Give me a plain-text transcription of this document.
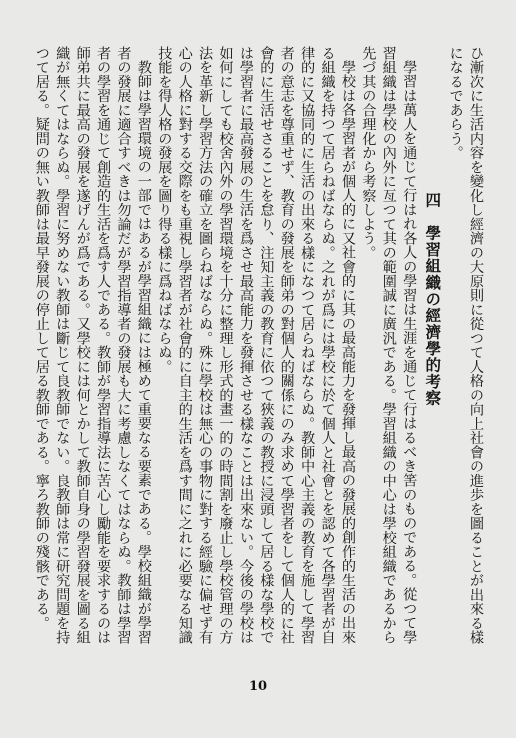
ひ漸次に生活内容を變化し經濟の大原則に從つて人格の向上社會の進歩を圖ることが出來る樣になるであらう。

四　學習組織の經濟學的考察

學習は萬人を通じて行はれ各人の學習は生涯を通じて行はるべき筈のものである。從つて學習組織は學校の內外に亙つて其の範圍誠に廣汎である。學習組織の中心は學校組織であるから先づ其の合理化から考察しよう。

學校は各學習者が個人的に又社會的に其の最高能力を發揮し最高の發展的創作的生活の出來る組織を持つて居らねばならぬ。之れが爲には學校に於て個人と社會とを認めて各學習者が自律的に又協同的に生活の出來る樣になつて居らねばならぬ。教師中心主義の教育を施して學習者の意志を尊重せず、教育の發展を師弟の對個人的關係にのみ求めて學習者をして個人的に社會的に生活せさることを怠り、注知主義の教育に依つて狹義の教授に浸頭して居る樣な學校では學習者に最高發展の生活を爲させ最高能力を發揮させる樣なことは出來ない。今後の學校は如何にしても校舍內外の學習環境を十分に整理し形式的畫一的の時間割を廢止し學校管理の方法を革新し學習方法の確立を圖らねばならぬ。殊に學校は無心の事物に對する經驗に偏せず有心の人格に對する交際をも重視し學習者が社會的に自主的生活を爲す間に之れに必要なる知識技能を得人格の發展を圖り得る樣に爲ねばならぬ。

教師は學習環境の一部ではあるが學習組織には極めて重要なる要素である。學校組織が學習者の發展に適合すべきは勿論だが學習指導者の發展も大に考慮しなくてはならぬ。教師は學習者の學習を通じて創造的生活を爲す人である。教師が學習指導法に苦心し勵能を要求するのは師弟共に最高の發展を遂げんが爲である。又學校には何とかして教師自身の學習發展を圖る組織が無くてはならぬ。學習に努めない教師は斷じて良教師でない。良教師は常に研究問題を持つて居る。疑問の無い教師は最早發展の停止して居る教師である。寧ろ教師の殘骸である。

10
